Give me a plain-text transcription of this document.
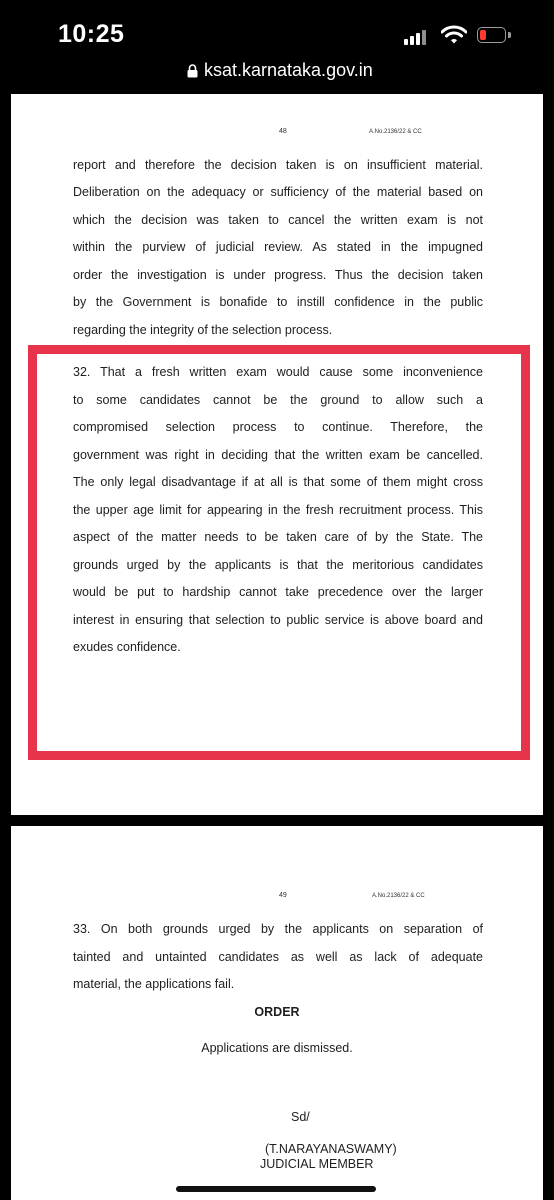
10:25
ksat.karnataka.gov.in
48	A.No.2136/22 & CC
report and therefore the decision taken is on insufficient material.
Deliberation on the adequacy or sufficiency of the material based on
which the decision was taken to cancel the written exam is not
within the purview of judicial review. As stated in the impugned
order the investigation is under progress. Thus the decision taken
by the Government is bonafide to instill confidence in the public
regarding the integrity of the selection process.
32. That a fresh written exam would cause some inconvenience
to some candidates cannot be the ground to allow such a
compromised selection process to continue. Therefore, the
government was right in deciding that the written exam be cancelled.
The only legal disadvantage if at all is that some of them might cross
the upper age limit for appearing in the fresh recruitment process. This
aspect of the matter needs to be taken care of by the State. The
grounds urged by the applicants is that the meritorious candidates
would be put to hardship cannot take precedence over the larger
interest in ensuring that selection to public service is above board and
exudes confidence.
49	A.No.2136/22 & CC
33. On both grounds urged by the applicants on separation of
tainted and untainted candidates as well as lack of adequate
material, the applications fail.
ORDER
Applications are dismissed.
Sd/
(T.NARAYANASWAMY)
JUDICIAL MEMBER
